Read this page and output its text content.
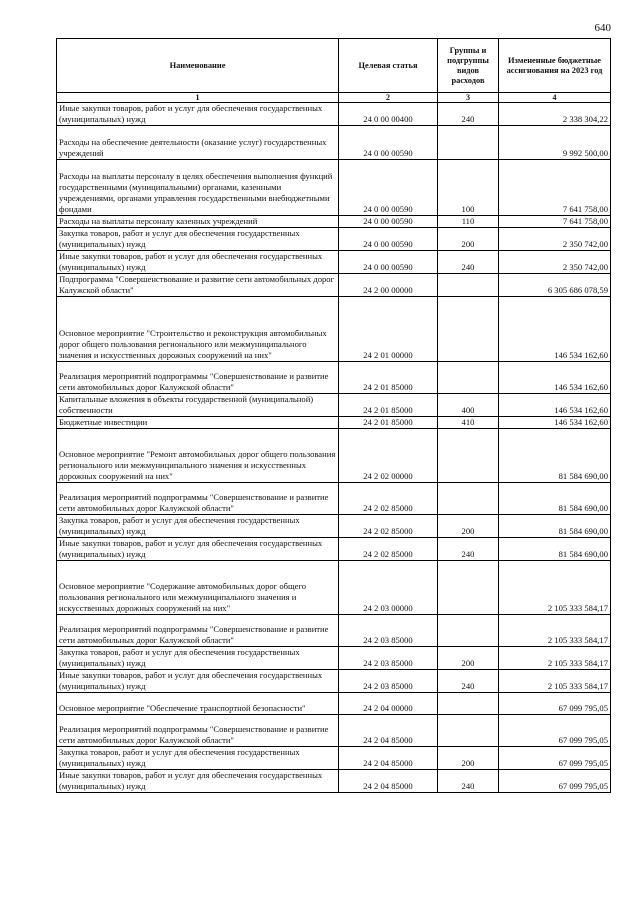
640
Наименование	Целевая статья	Группы и подгруппы видов расходов	Измененные бюджетные ассигнования на 2023 год
1	2	3	4
Иные закупки товаров, работ и услуг для обеспечения государственных (муниципальных) нужд	24 0 00 00400	240	2 338 304,22
Расходы на обеспечение деятельности (оказание услуг) государственных учреждений	24 0 00 00590		9 992 500,00
Расходы на выплаты персоналу в целях обеспечения выполнения функций государственными (муниципальными) органами, казенными учреждениями, органами управления государственными внебюджетными фондами	24 0 00 00590	100	7 641 758,00
Расходы на выплаты персоналу казенных учреждений	24 0 00 00590	110	7 641 758,00
Закупка товаров, работ и услуг для обеспечения государственных (муниципальных) нужд	24 0 00 00590	200	2 350 742,00
Иные закупки товаров, работ и услуг для обеспечения государственных (муниципальных) нужд	24 0 00 00590	240	2 350 742,00
Подпрограмма "Совершенствование и развитие сети автомобильных дорог Калужской области"	24 2 00 00000		6 305 686 078,59
Основное мероприятие "Строительство и реконструкция автомобильных дорог общего пользования регионального или межмуниципального значения и искусственных дорожных сооружений на них"	24 2 01 00000		146 534 162,60
Реализация мероприятий подпрограммы "Совершенствование и развитие сети автомобильных дорог Калужской области"	24 2 01 85000		146 534 162,60
Капитальные вложения в объекты государственной (муниципальной) собственности	24 2 01 85000	400	146 534 162,60
Бюджетные инвестиции	24 2 01 85000	410	146 534 162,60
Основное мероприятие "Ремонт автомобильных дорог общего пользования регионального или межмуниципального значения и искусственных дорожных сооружений на них"	24 2 02 00000		81 584 690,00
Реализация мероприятий подпрограммы "Совершенствование и развитие сети автомобильных дорог Калужской области"	24 2 02 85000		81 584 690,00
Закупка товаров, работ и услуг для обеспечения государственных (муниципальных) нужд	24 2 02 85000	200	81 584 690,00
Иные закупки товаров, работ и услуг для обеспечения государственных (муниципальных) нужд	24 2 02 85000	240	81 584 690,00
Основное мероприятие "Содержание автомобильных дорог общего пользования регионального или межмуниципального значения и искусственных дорожных сооружений на них"	24 2 03 00000		2 105 333 584,17
Реализация мероприятий подпрограммы "Совершенствование и развитие сети автомобильных дорог Калужской области"	24 2 03 85000		2 105 333 584,17
Закупка товаров, работ и услуг для обеспечения государственных (муниципальных) нужд	24 2 03 85000	200	2 105 333 584,17
Иные закупки товаров, работ и услуг для обеспечения государственных (муниципальных) нужд	24 2 03 85000	240	2 105 333 584,17
Основное мероприятие "Обеспечение транспортной безопасности"	24 2 04 00000		67 099 795,05
Реализация мероприятий подпрограммы "Совершенствование и развитие сети автомобильных дорог Калужской области"	24 2 04 85000		67 099 795,05
Закупка товаров, работ и услуг для обеспечения государственных (муниципальных) нужд	24 2 04 85000	200	67 099 795,05
Иные закупки товаров, работ и услуг для обеспечения государственных (муниципальных) нужд	24 2 04 85000	240	67 099 795,05
